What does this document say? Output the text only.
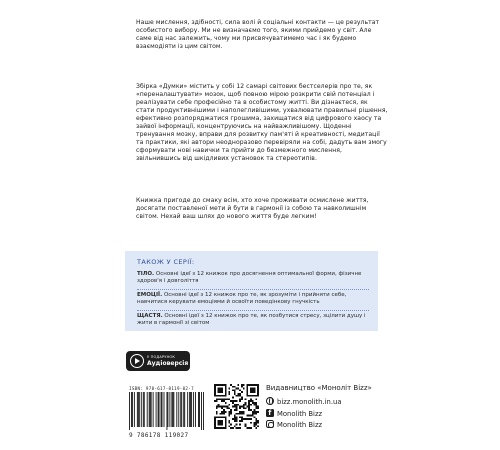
Наше мислення, здібності, сила волі й соціальні контакти — це результат особистого вибору. Ми не визначаємо того, якими прийдемо у світ. Але саме від нас залежить, чому ми присвячуватимемо час і як будемо взаємодіяти із цим світом.

Збірка «Думки» містить у собі 12 самарі світових бестселерів про те, як «переналаштувати» мозок, щоб повною мірою розкрити свій потенціал і реалізувати себе професійно та в особистому житті. Ви дізнаєтеся, як стати продуктивнішими і наполегливішими, ухвалювати правильні рішення, ефективно розпоряджатися грошима, захищатися від цифрового хаосу та зайвої інформації, концентруючись на найважливішому. Щоденні тренування мозку, вправи для розвитку пам'яті й креативності, медитації та практики, які автори неодноразово перевіряли на собі, дадуть вам змогу сформувати нові навички та прийти до безмежного мислення, звільнившись від шкідливих установок та стереотипів.

Книжка пригоде до смаку всім, хто хоче проживати осмислене життя, досягати поставленої мети й бути в гармонії із собою та навколишнім світом. Нехай ваш шлях до нового життя буде легким!

ТАКОЖ У СЕРІЇ:
ТІЛО. Основні ідеї з 12 книжок про досягнення оптимальної форми, фізичне здоров'я і довголіття
ЕМОЦІЇ. Основні ідеї з 12 книжок про те, як зрозуміти і прийняти себе, навчитися керувати емоціями й освоїти поведінкову гнучкість
ЩАСТЯ. Основні ідеї з 12 книжок про те, як позбутися стресу, зцілити душу і жити в гармонії зі світом
У ПОДАРУНОК
Аудіоверсія
ISBN: 978-617-8119-02-7
9 786178 119027
Видавництво «Моноліт Bizz»
bizz.monolith.in.ua
fMonolith Bizz
Monolith Bizz
